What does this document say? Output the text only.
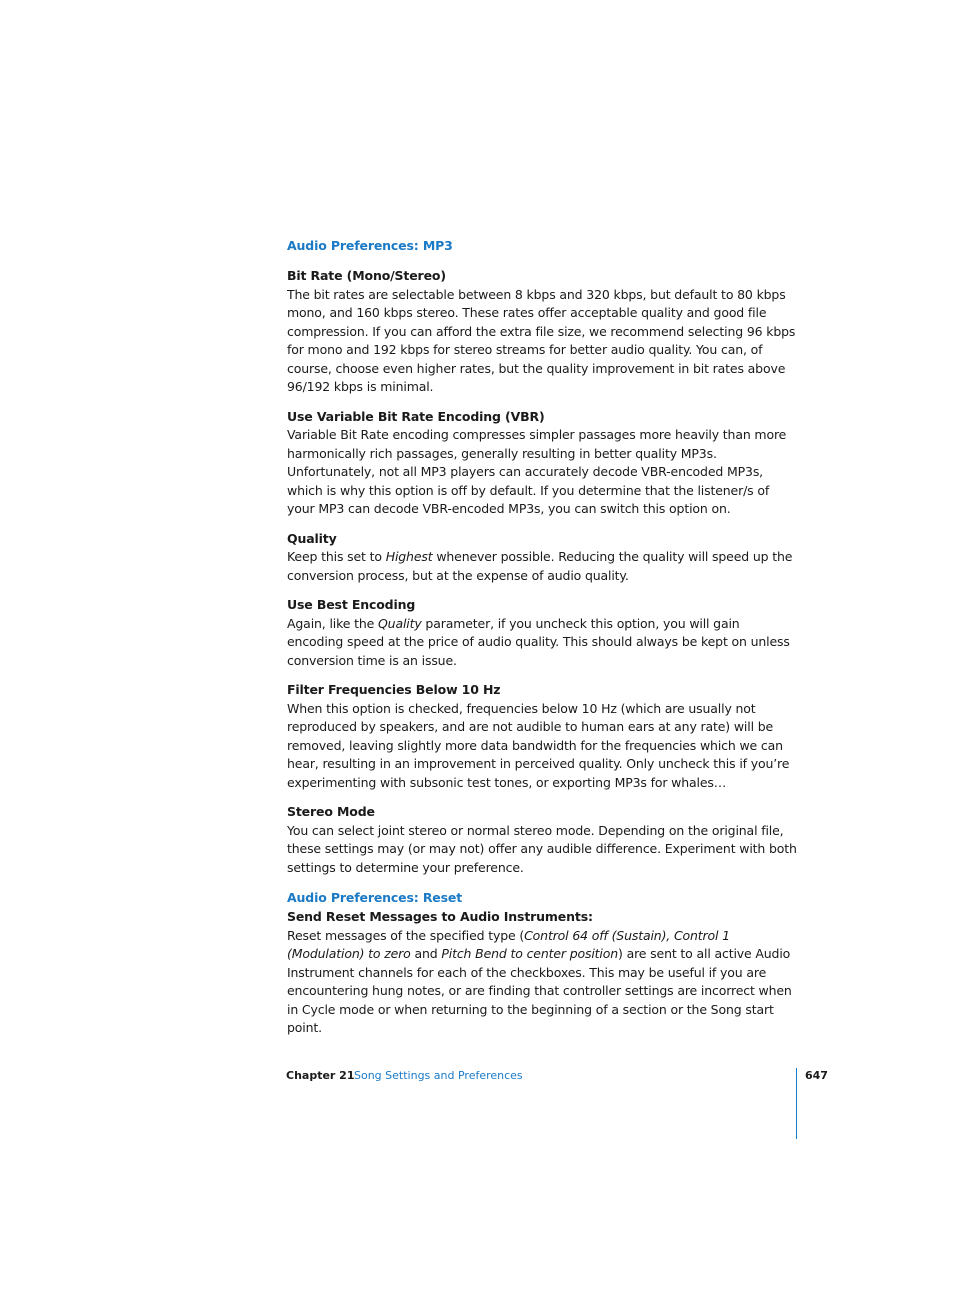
Audio Preferences: MP3
Bit Rate (Mono/Stereo)

The bit rates are selectable between 8 kbps and 320 kbps, but default to 80 kbps mono, and 160 kbps stereo. These rates offer acceptable quality and good file compression. If you can afford the extra file size, we recommend selecting 96 kbps for mono and 192 kbps for stereo streams for better audio quality. You can, of course, choose even higher rates, but the quality improvement in bit rates above 96/192 kbps is minimal.

Use Variable Bit Rate Encoding (VBR)

Variable Bit Rate encoding compresses simpler passages more heavily than more harmonically rich passages, generally resulting in better quality MP3s. Unfortunately, not all MP3 players can accurately decode VBR-encoded MP3s, which is why this option is off by default. If you determine that the listener/s of your MP3 can decode VBR-encoded MP3s, you can switch this option on.

Quality

Keep this set to Highest whenever possible. Reducing the quality will speed up the conversion process, but at the expense of audio quality.

Use Best Encoding

Again, like the Quality parameter, if you uncheck this option, you will gain encoding speed at the price of audio quality. This should always be kept on unless conversion time is an issue.

Filter Frequencies Below 10 Hz

When this option is checked, frequencies below 10 Hz (which are usually not reproduced by speakers, and are not audible to human ears at any rate) will be removed, leaving slightly more data bandwidth for the frequencies which we can hear, resulting in an improvement in perceived quality. Only uncheck this if you’re experimenting with subsonic test tones, or exporting MP3s for whales…

Stereo Mode

You can select joint stereo or normal stereo mode. Depending on the original file, these settings may (or may not) offer any audible difference. Experiment with both settings to determine your preference.

Audio Preferences: Reset
Send Reset Messages to Audio Instruments:

Reset messages of the specified type (Control 64 off (Sustain), Control 1 (Modulation) to zero and Pitch Bend to center position) are sent to all active Audio Instrument channels for each of the checkboxes. This may be useful if you are encountering hung notes, or are finding that controller settings are incorrect when in Cycle mode or when returning to the beginning of a section or the Song start point.

Chapter 21 Song Settings and Preferences	647
